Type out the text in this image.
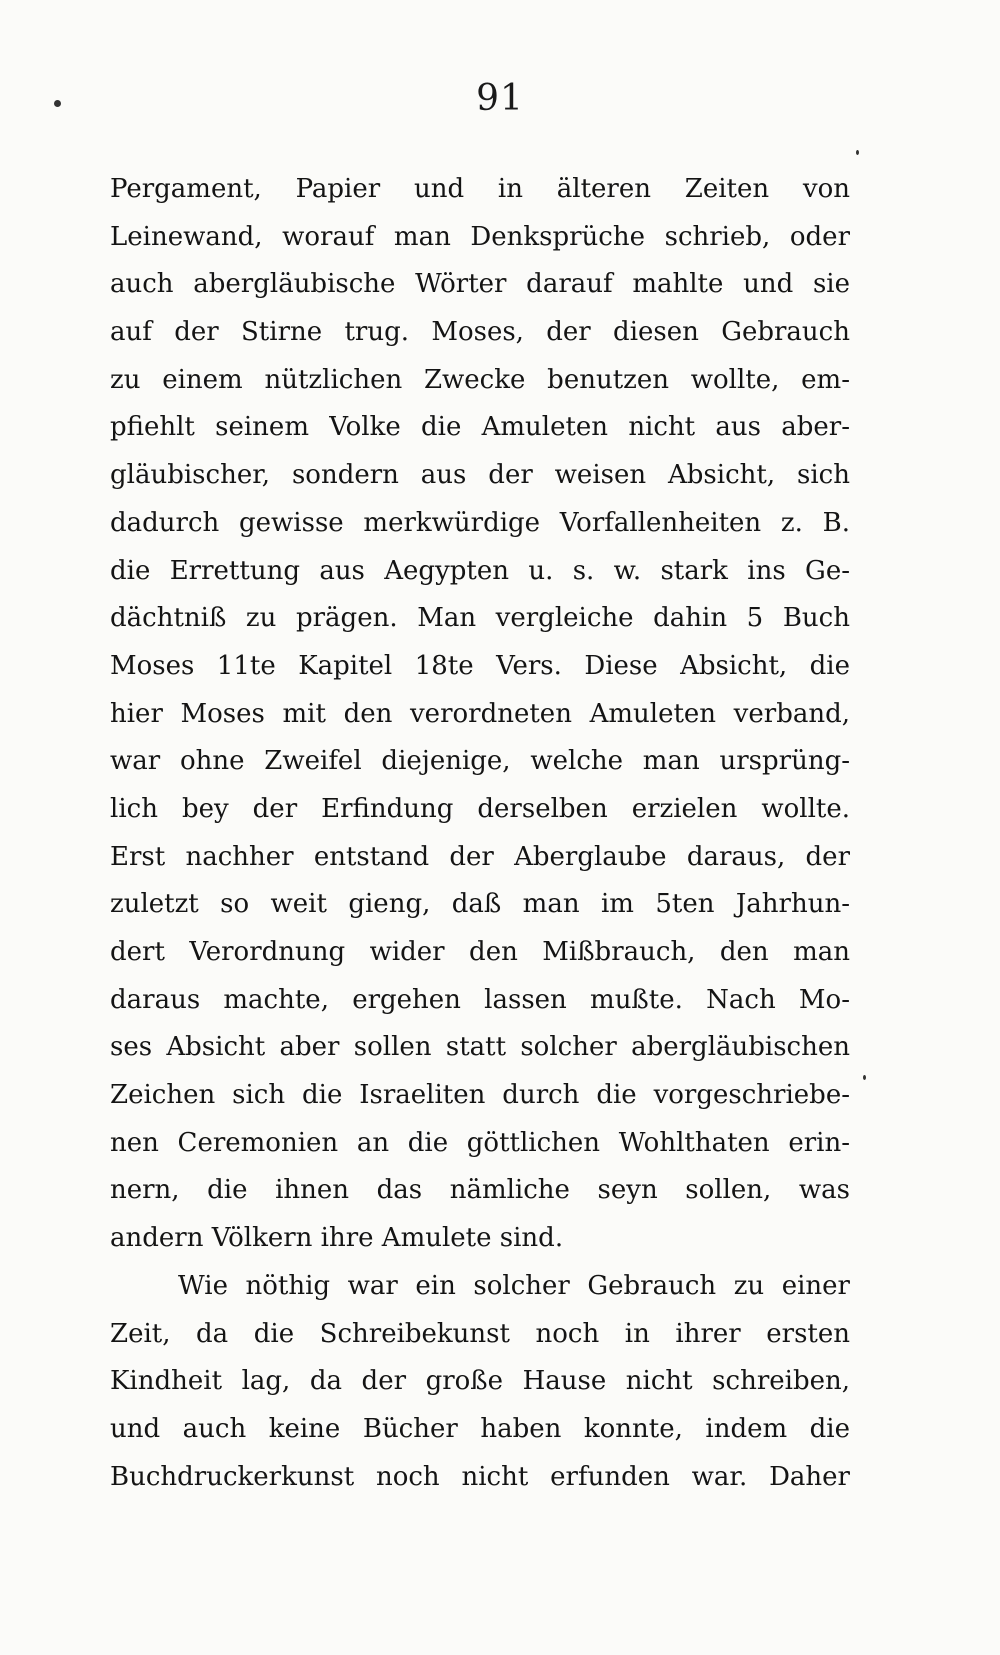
91
Pergament, Papier und in älteren Zeiten von
Leinewand, worauf man Denksprüche schrieb, oder
auch abergläubische Wörter darauf mahlte und sie
auf der Stirne trug. Moses, der diesen Gebrauch
zu einem nützlichen Zwecke benutzen wollte, em-
pfiehlt seinem Volke die Amuleten nicht aus aber-
gläubischer, sondern aus der weisen Absicht, sich
dadurch gewisse merkwürdige Vorfallenheiten z. B.
die Errettung aus Aegypten u. s. w. stark ins Ge-
dächtniß zu prägen. Man vergleiche dahin 5 Buch
Moses 11te Kapitel 18te Vers. Diese Absicht, die
hier Moses mit den verordneten Amuleten verband,
war ohne Zweifel diejenige, welche man ursprüng-
lich bey der Erfindung derselben erzielen wollte.
Erst nachher entstand der Aberglaube daraus, der
zuletzt so weit gieng, daß man im 5ten Jahrhun-
dert Verordnung wider den Mißbrauch, den man
daraus machte, ergehen lassen mußte. Nach Mo-
ses Absicht aber sollen statt solcher abergläubischen
Zeichen sich die Israeliten durch die vorgeschriebe-
nen Ceremonien an die göttlichen Wohlthaten erin-
nern, die ihnen das nämliche seyn sollen, was
andern Völkern ihre Amulete sind.
Wie nöthig war ein solcher Gebrauch zu einer
Zeit, da die Schreibekunst noch in ihrer ersten
Kindheit lag, da der große Hause nicht schreiben,
und auch keine Bücher haben konnte, indem die
Buchdruckerkunst noch nicht erfunden war. Daher
